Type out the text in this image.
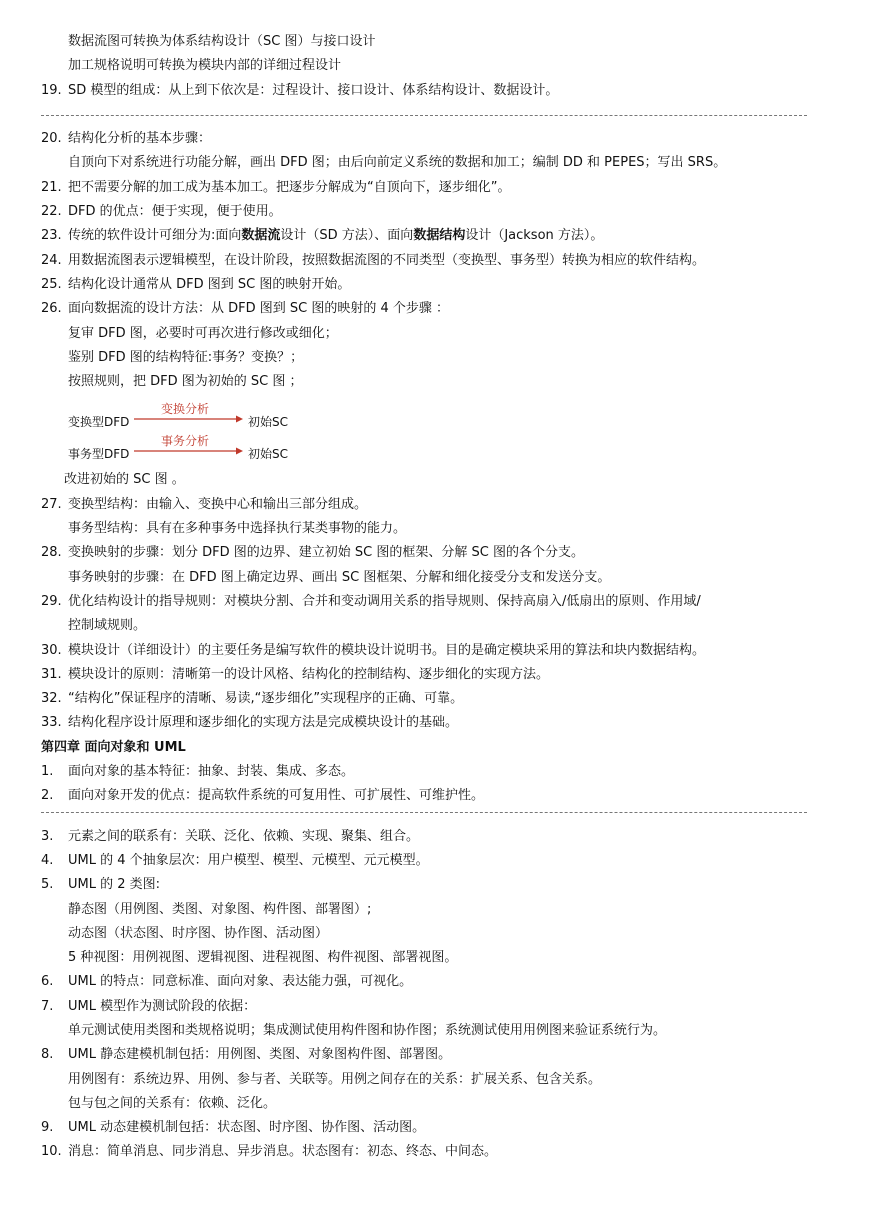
数据流图可转换为体系结构设计（SC 图）与接口设计
加工规格说明可转换为模块内部的详细过程设计
19. SD 模型的组成：从上到下依次是：过程设计、接口设计、体系结构设计、数据设计。
20. 结构化分析的基本步骤：
自顶向下对系统进行功能分解，画出 DFD 图；由后向前定义系统的数据和加工；编制 DD 和 PEPES；写出 SRS。
21. 把不需要分解的加工成为基本加工。把逐步分解成为“自顶向下，逐步细化”。
22. DFD 的优点：便于实现，便于使用。
23. 传统的软件设计可细分为:面向数据流设计（SD 方法）、面向数据结构设计（Jackson 方法）。
24. 用数据流图表示逻辑模型，在设计阶段，按照数据流图的不同类型（变换型、事务型）转换为相应的软件结构。
25. 结构化设计通常从 DFD 图到 SC 图的映射开始。
26. 面向数据流的设计方法：从 DFD 图到 SC 图的映射的 4 个步骤 ：
复审 DFD 图，必要时可再次进行修改或细化；
鉴别 DFD 图的结构特征:事务？变换？；
按照规则，把 DFD 图为初始的 SC 图 ；
变换型DFD
变换分析
初始SC
事务型DFD
事务分析
初始SC
改进初始的 SC 图 。
27. 变换型结构：由输入、变换中心和输出三部分组成。
事务型结构：具有在多种事务中选择执行某类事物的能力。
28. 变换映射的步骤：划分 DFD 图的边界、建立初始 SC 图的框架、分解 SC 图的各个分支。
事务映射的步骤：在 DFD 图上确定边界、画出 SC 图框架、分解和细化接受分支和发送分支。
29. 优化结构设计的指导规则：对模块分割、合并和变动调用关系的指导规则、保持高扇入/低扇出的原则、作用域/
控制域规则。
30. 模块设计（详细设计）的主要任务是编写软件的模块设计说明书。目的是确定模块采用的算法和块内数据结构。
31. 模块设计的原则：清晰第一的设计风格、结构化的控制结构、逐步细化的实现方法。
32. “结构化”保证程序的清晰、易读,“逐步细化”实现程序的正确、可靠。
33. 结构化程序设计原理和逐步细化的实现方法是完成模块设计的基础。
第四章 面向对象和 UML
1.	面向对象的基本特征：抽象、封装、集成、多态。
2.	面向对象开发的优点：提高软件系统的可复用性、可扩展性、可维护性。
3.	元素之间的联系有：关联、泛化、依赖、实现、聚集、组合。
4.	UML 的 4 个抽象层次：用户模型、模型、元模型、元元模型。
5.	UML 的 2 类图:
静态图（用例图、类图、对象图、构件图、部署图）;
动态图（状态图、时序图、协作图、活动图）
5 种视图：用例视图、逻辑视图、进程视图、构件视图、部署视图。
6.	UML 的特点：同意标准、面向对象、表达能力强，可视化。
7.	UML 模型作为测试阶段的依据：
单元测试使用类图和类规格说明；集成测试使用构件图和协作图；系统测试使用用例图来验证系统行为。
8.	UML 静态建模机制包括：用例图、类图、对象图构件图、部署图。
用例图有：系统边界、用例、参与者、关联等。用例之间存在的关系：扩展关系、包含关系。
包与包之间的关系有：依赖、泛化。
9.	UML 动态建模机制包括：状态图、时序图、协作图、活动图。
10. 消息：简单消息、同步消息、异步消息。状态图有：初态、终态、中间态。
